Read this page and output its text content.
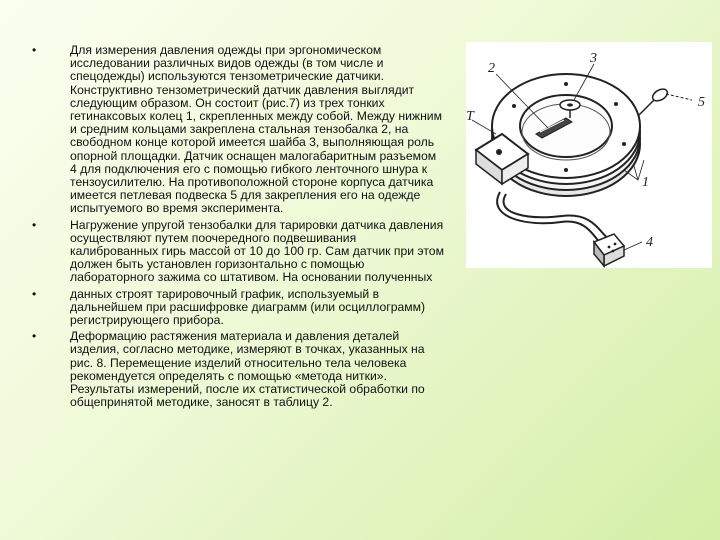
•	Для измерения давления одежды при эргономическом исследовании различных видов одежды (в том числе и спецодежды) используются тензометрические датчики. Конструктивно тензометрический датчик давления выглядит следующим образом. Он состоит (рис.7) из трех тонких гетинаксовых колец 1, скрепленных между собой. Между нижним и средним кольцами закреплена стальная тензобалка 2, на свободном конце которой имеется шайба 3, выполняющая роль опорной площадки. Датчик оснащен малогабаритным разъемом 4 для подключения его с помощью гибкого ленточного шнура к тензоусилителю. На противоположной стороне корпуса датчика имеется петлевая подвеска 5 для закрепления его на одежде испытуемого во время эксперимента.
•	Нагружение упругой тензобалки для тарировки датчика давления осуществляют путем поочередного подвешивания калиброванных гирь массой от 10 до 100 гр. Сам датчик при этом должен быть установлен горизонтально с помощью лабораторного зажима со штативом. На основании полученных
•	данных строят тарировочный график, используемый в дальнейшем при расшифровке диаграмм (или осциллограмм) регистрирующего прибора.
•	Деформацию растяжения материала и давления деталей изделия, согласно методике, измеряют в точках, указанных на рис. 8. Перемещение изделий относительно тела человека рекомендуется определять с помощью «метода нитки». Результаты измерений, после их статистической обработки по общепринятой методике, заносят в таблицу 2.
2
3
5
1
4
Т
